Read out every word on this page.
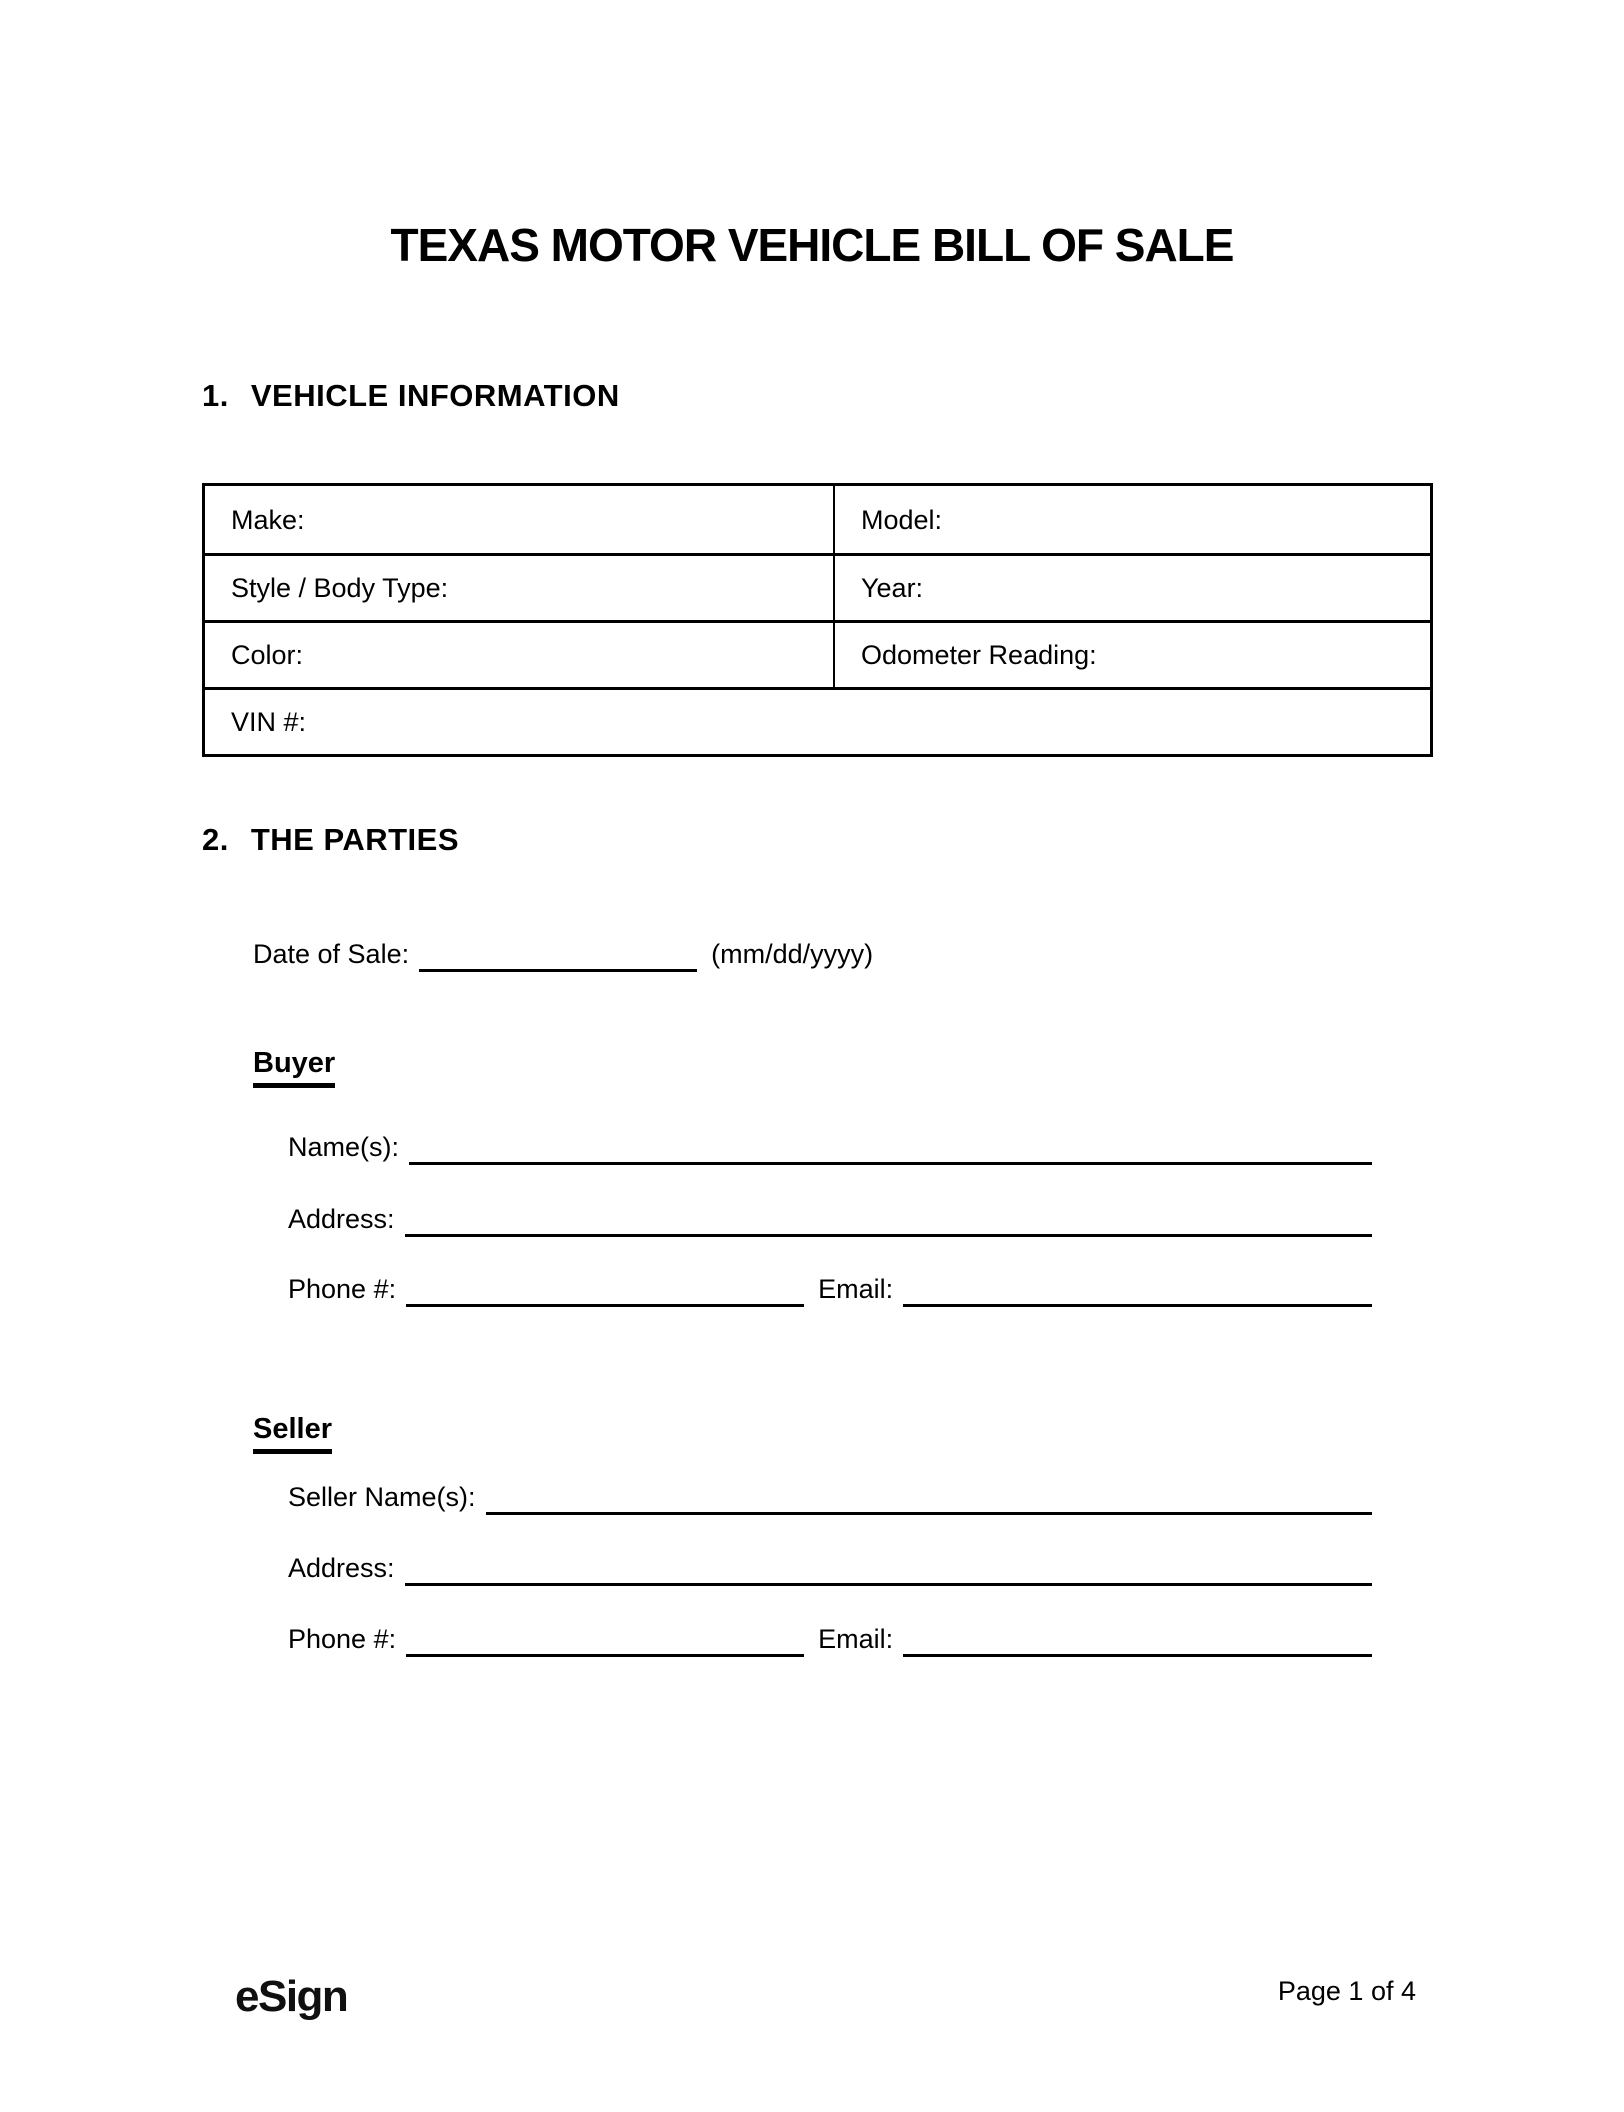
TEXAS MOTOR VEHICLE BILL OF SALE
1. VEHICLE INFORMATION
Make:	Model:
Style / Body Type:	Year:
Color:	Odometer Reading:
VIN #:
2. THE PARTIES
Date of Sale:	(mm/dd/yyyy)
Buyer
Name(s):
Address:
Phone #:	Email:
Seller
Seller Name(s):
Address:
Phone #:	Email:
eSign	Page 1 of 4
